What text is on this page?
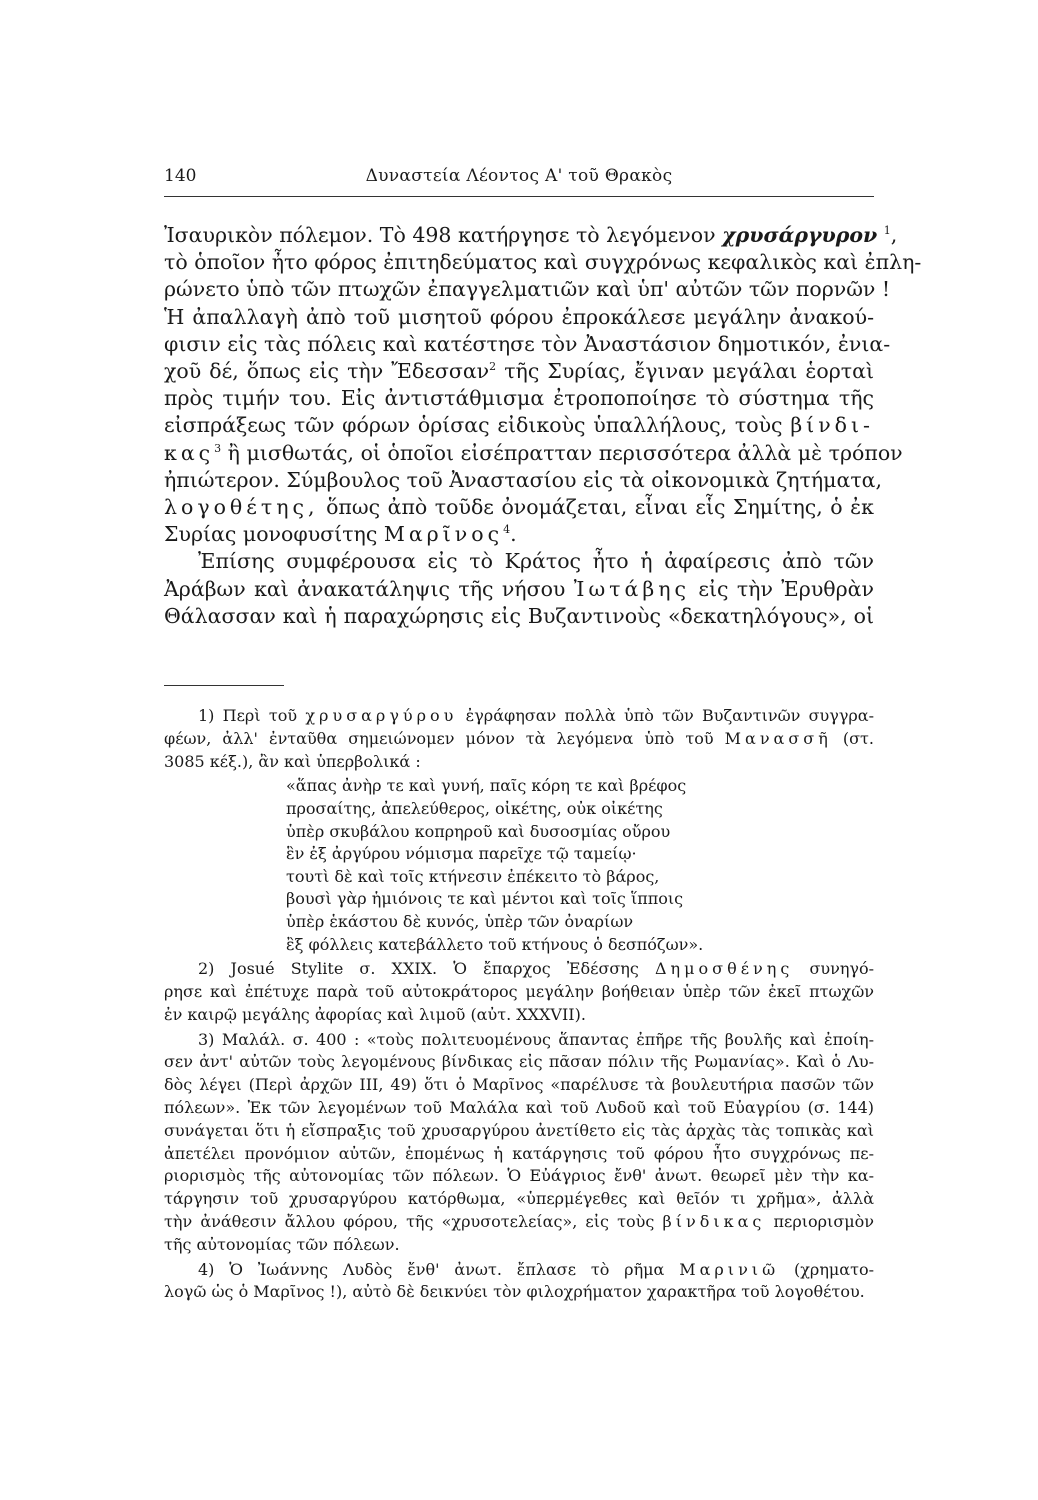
140	Δυναστεία Λέοντος Α' τοῦ Θρακὸς
Ἰσαυρικὸν πόλεμον. Τὸ 498 κατήργησε τὸ λεγόμενον χρυσάργυρον $^1$,
τὸ ὁποῖον ἦτο φόρος ἐπιτηδεύματος καὶ συγχρόνως κεφαλικὸς καὶ ἐπλη-
ρώνετο ὑπὸ τῶν πτωχῶν ἐπαγγελματιῶν καὶ ὑπ' αὐτῶν τῶν πορνῶν !
Ἡ ἀπαλλαγὴ ἀπὸ τοῦ μισητοῦ φόρου ἐπροκάλεσε μεγάλην ἀνακού-
φισιν εἰς τὰς πόλεις καὶ κατέστησε τὸν Ἀναστάσιον δημοτικόν, ἐνια-
χοῦ δέ, ὅπως εἰς τὴν Ἔδεσσαν$^2$ τῆς Συρίας, ἔγιναν μεγάλαι ἑορταὶ
πρὸς τιμήν του. Εἰς ἀντιστάθμισμα ἐτροποποίησε τὸ σύστημα τῆς
εἰσπράξεως τῶν φόρων ὁρίσας εἰδικοὺς ὑπαλλήλους, τοὺς βίνδι-
κας$^3$ ἢ μισθωτάς, οἱ ὁποῖοι εἰσέπρατταν περισσότερα ἀλλὰ μὲ τρόπον
ἠπιώτερον. Σύμβουλος τοῦ Ἀναστασίου εἰς τὰ οἰκονομικὰ ζητήματα,
λογοθέτης, ὅπως ἀπὸ τοῦδε ὀνομάζεται, εἶναι εἷς Σημίτης, ὁ ἐκ
Συρίας μονοφυσίτης Μαρῖνος$^4$.
Ἐπίσης συμφέρουσα εἰς τὸ Κράτος ἦτο ἡ ἀφαίρεσις ἀπὸ τῶν
Ἀράβων καὶ ἀνακατάληψις τῆς νήσου Ἰωτάβης εἰς τὴν Ἐρυθρὰν
Θάλασσαν καὶ ἡ παραχώρησις εἰς Βυζαντινοὺς «δεκατηλόγους», οἱ
1) Περὶ τοῦ χρυσαργύρου ἐγράφησαν πολλὰ ὑπὸ τῶν Βυζαντινῶν συγγρα-
φέων, ἀλλ' ἐνταῦθα σημειώνομεν μόνον τὰ λεγόμενα ὑπὸ τοῦ Μανασσῆ (στ.
3085 κέξ.), ἂν καὶ ὑπερβολικά :
«ἅπας ἀνὴρ τε καὶ γυνή, παῖς κόρη τε καὶ βρέφος
προσαίτης, ἀπελεύθερος, οἰκέτης, οὐκ οἰκέτης
ὑπὲρ σκυβάλου κοπρηροῦ καὶ δυσοσμίας οὔρου
ἓν ἐξ ἀργύρου νόμισμα παρεῖχε τῷ ταμείῳ·
τουτὶ δὲ καὶ τοῖς κτήνεσιν ἐπέκειτο τὸ βάρος,
βουσὶ γὰρ ἡμιόνοις τε καὶ μέντοι καὶ τοῖς ἵπποις
ὑπὲρ ἑκάστου δὲ κυνός, ὑπὲρ τῶν ὀναρίων
ἒξ φόλλεις κατεβάλλετο τοῦ κτήνους ὁ δεσπόζων».
2) Josué Stylite σ. XXIX. Ὁ ἔπαρχος Ἐδέσσης Δημοσθένης συνηγό-
ρησε καὶ ἐπέτυχε παρὰ τοῦ αὐτοκράτορος μεγάλην βοήθειαν ὑπὲρ τῶν ἐκεῖ πτωχῶν
ἐν καιρῷ μεγάλης ἀφορίας καὶ λιμοῦ (αὐτ. XXXVII).
3) Μαλάλ. σ. 400 : «τοὺς πολιτευομένους ἅπαντας ἐπῆρε τῆς βουλῆς καὶ ἐποίη-
σεν ἀντ' αὐτῶν τοὺς λεγομένους βίνδικας εἰς πᾶσαν πόλιν τῆς Ρωμανίας». Καὶ ὁ Λυ-
δὸς λέγει (Περὶ ἀρχῶν ΙΙΙ, 49) ὅτι ὁ Μαρῖνος «παρέλυσε τὰ βουλευτήρια πασῶν τῶν
πόλεων». Ἐκ τῶν λεγομένων τοῦ Μαλάλα καὶ τοῦ Λυδοῦ καὶ τοῦ Εὐαγρίου (σ. 144)
συνάγεται ὅτι ἡ εἴσπραξις τοῦ χρυσαργύρου ἀνετίθετο εἰς τὰς ἀρχὰς τὰς τοπικὰς καὶ
ἀπετέλει προνόμιον αὐτῶν, ἑπομένως ἡ κατάργησις τοῦ φόρου ἦτο συγχρόνως πε-
ριορισμὸς τῆς αὐτονομίας τῶν πόλεων. Ὁ Εὐάγριος ἔνθ' ἀνωτ. θεωρεῖ μὲν τὴν κα-
τάργησιν τοῦ χρυσαργύρου κατόρθωμα, «ὑπερμέγεθες καὶ θεῖόν τι χρῆμα», ἀλλὰ
τὴν ἀνάθεσιν ἄλλου φόρου, τῆς «χρυσοτελείας», εἰς τοὺς βίνδικας περιορισμὸν
τῆς αὐτονομίας τῶν πόλεων.
4) Ὁ Ἰωάννης Λυδὸς ἔνθ' ἀνωτ. ἔπλασε τὸ ρῆμα Μαρινιῶ (χρηματο-
λογῶ ὡς ὁ Μαρῖνος !), αὐτὸ δὲ δεικνύει τὸν φιλοχρήματον χαρακτῆρα τοῦ λογοθέτου.
